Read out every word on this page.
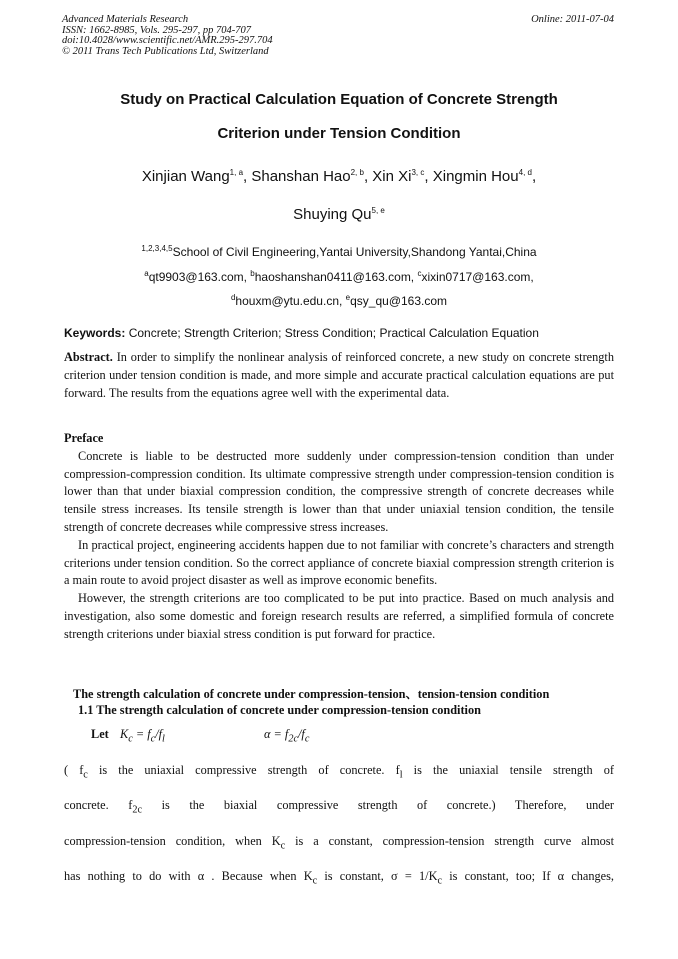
Advanced Materials Research
ISSN: 1662-8985, Vols. 295-297, pp 704-707
doi:10.4028/www.scientific.net/AMR.295-297.704
© 2011 Trans Tech Publications Ltd, Switzerland
Online: 2011-07-04
Study on Practical Calculation Equation of Concrete Strength
Criterion under Tension Condition
Xinjian Wang$^{1, a}$, Shanshan Hao$^{2, b}$, Xin Xi$^{3, c}$, Xingmin Hou$^{4, d}$,
Shuying Qu$^{5, e}$
$^{1,2,3,4,5}$School of Civil Engineering,Yantai University,Shandong Yantai,China
$^a$qt9903@163.com, $^b$haoshanshan0411@163.com, $^c$xixin0717@163.com,
$^d$houxm@ytu.edu.cn, $^e$qsy_qu@163.com
Keywords: Concrete; Strength Criterion; Stress Condition; Practical Calculation Equation
Abstract. In order to simplify the nonlinear analysis of reinforced concrete, a new study on concrete strength criterion under tension condition is made, and more simple and accurate practical calculation equations are put forward. The results from the equations agree well with the experimental data.
Preface
Concrete is liable to be destructed more suddenly under compression-tension condition than under compression-compression condition. Its ultimate compressive strength under compression-tension condition is lower than that under biaxial compression condition, the compressive strength of concrete decreases while tensile stress increases. Its tensile strength is lower than that under uniaxial tension condition, the tensile strength of concrete decreases while compressive stress increases.
In practical project, engineering accidents happen due to not familiar with concrete’s characters and strength criterions under tension condition. So the correct appliance of concrete biaxial compression strength criterion is a main route to avoid project disaster as well as improve economic benefits.
However, the strength criterions are too complicated to be put into practice. Based on much analysis and investigation, also some domestic and foreign research results are referred, a simplified formula of concrete strength criterions under biaxial stress condition is put forward for practice.
The strength calculation of concrete under compression-tension、tension-tension condition
1.1 The strength calculation of concrete under compression-tension condition
Let $K_c = f_c/f_l$	$\alpha = f_{2c}/f_c$
( $f_c$ is the uniaxial compressive strength of concrete. $f_l$ is the uniaxial tensile strength of
concrete. $f_{2c}$ is the biaxial compressive strength of concrete.) Therefore, under
compression-tension condition, when $K_c$ is a constant, compression-tension strength curve almost
has nothing to do with α . Because when $K_c$ is constant, $\sigma = 1/K_c$ is constant, too; If α changes,
